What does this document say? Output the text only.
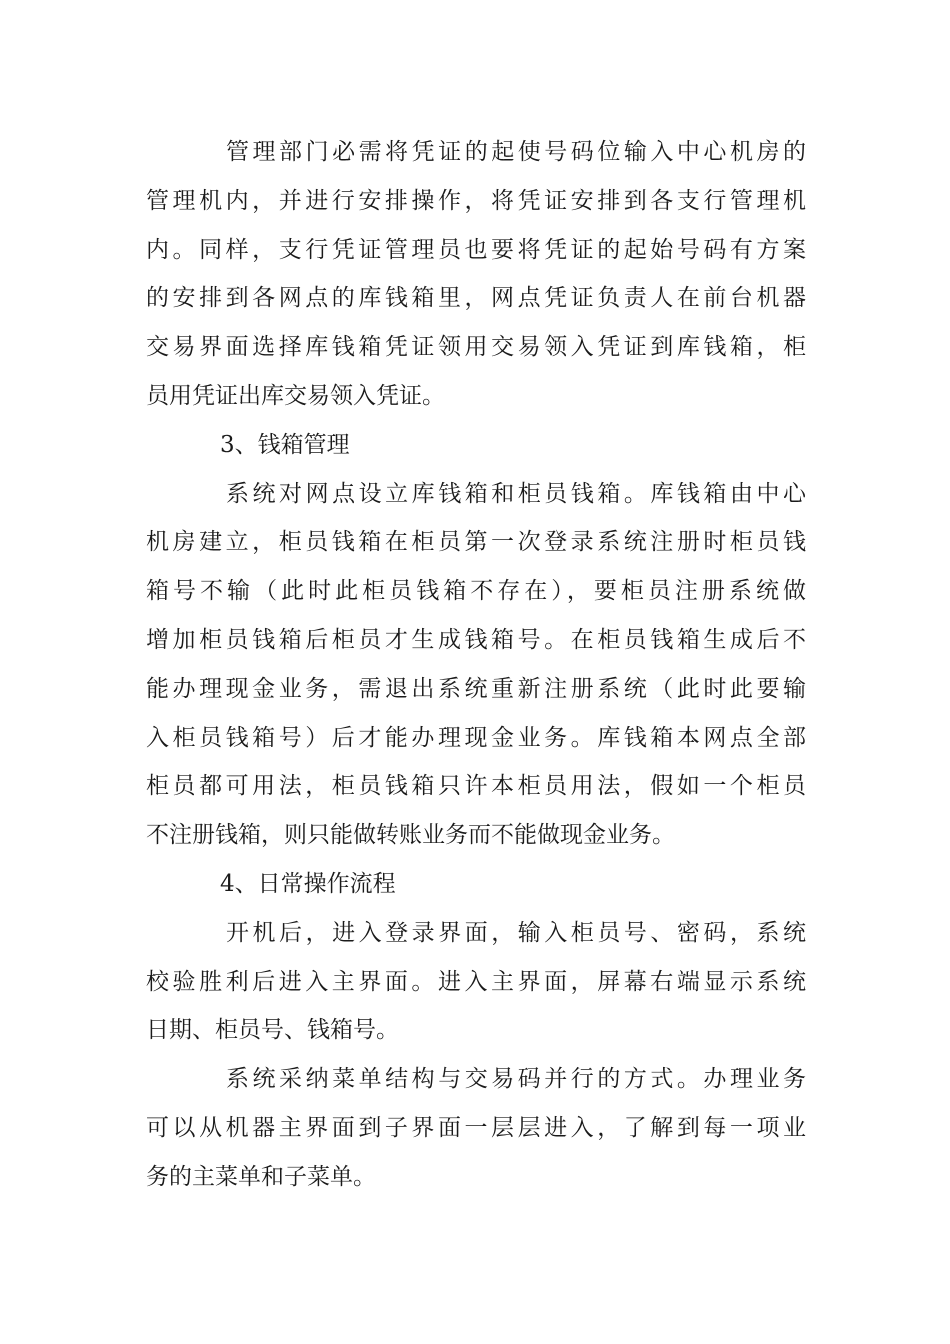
管理部门必需将凭证的起使号码位输入中心机房的
管理机内，并进行安排操作，将凭证安排到各支行管理机
内。同样，支行凭证管理员也要将凭证的起始号码有方案
的安排到各网点的库钱箱里，网点凭证负责人在前台机器
交易界面选择库钱箱凭证领用交易领入凭证到库钱箱，柜
员用凭证出库交易领入凭证。
3、钱箱管理
系统对网点设立库钱箱和柜员钱箱。库钱箱由中心
机房建立，柜员钱箱在柜员第一次登录系统注册时柜员钱
箱号不输（此时此柜员钱箱不存在），要柜员注册系统做
增加柜员钱箱后柜员才生成钱箱号。在柜员钱箱生成后不
能办理现金业务，需退出系统重新注册系统（此时此要输
入柜员钱箱号）后才能办理现金业务。库钱箱本网点全部
柜员都可用法，柜员钱箱只许本柜员用法，假如一个柜员
不注册钱箱，则只能做转账业务而不能做现金业务。
4、日常操作流程
开机后，进入登录界面，输入柜员号、密码，系统
校验胜利后进入主界面。进入主界面，屏幕右端显示系统
日期、柜员号、钱箱号。
系统采纳菜单结构与交易码并行的方式。办理业务
可以从机器主界面到子界面一层层进入，了解到每一项业
务的主菜单和子菜单。
